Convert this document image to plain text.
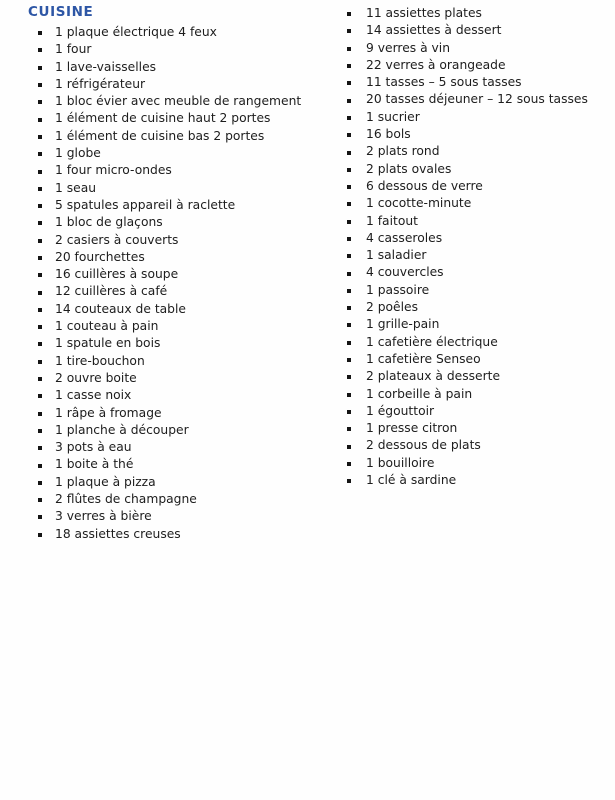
CUISINE
1 plaque électrique 4 feux
1 four
1 lave-vaisselles
1 réfrigérateur
1 bloc évier avec meuble de rangement
1 élément de cuisine haut 2 portes
1 élément de cuisine bas 2 portes
1 globe
1 four micro-ondes
1 seau
5 spatules appareil à raclette
1 bloc de glaçons
2 casiers à couverts
20 fourchettes
16 cuillères à soupe
12 cuillères à café
14 couteaux de table
1 couteau à pain
1 spatule en bois
1 tire-bouchon
2 ouvre boite
1 casse noix
1 râpe à fromage
1 planche à découper
3 pots à eau
1 boite à thé
1 plaque à pizza
2 flûtes de champagne
3 verres à bière
18 assiettes creuses
11 assiettes plates
14 assiettes à dessert
9 verres à vin
22 verres à orangeade
11 tasses – 5 sous tasses
20 tasses déjeuner – 12 sous tasses
1 sucrier
16 bols
2 plats rond
2 plats ovales
6 dessous de verre
1 cocotte-minute
1 faitout
4 casseroles
1 saladier
4 couvercles
1 passoire
2 poêles
1 grille-pain
1 cafetière électrique
1 cafetière Senseo
2 plateaux à desserte
1 corbeille à pain
1 égouttoir
1 presse citron
2 dessous de plats
1 bouilloire
1 clé à sardine
